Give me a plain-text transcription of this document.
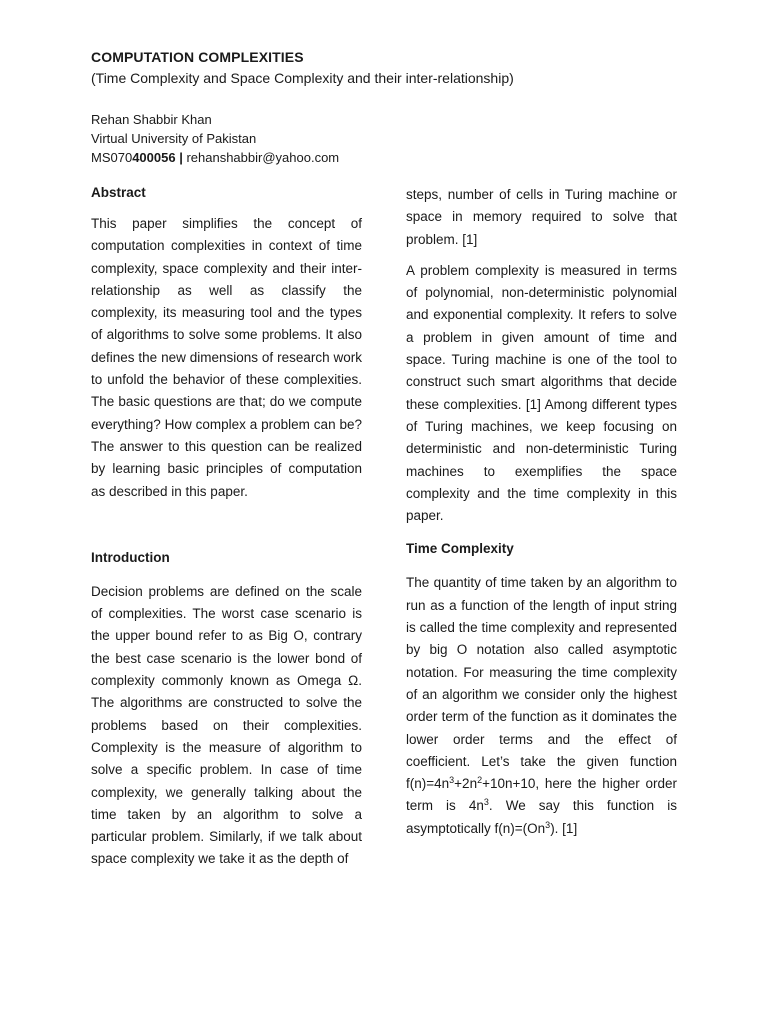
COMPUTATION COMPLEXITIES
(Time Complexity and Space Complexity and their inter-relationship)
Rehan Shabbir Khan
Virtual University of Pakistan
MS070400056 | rehanshabbir@yahoo.com
Abstract

This paper simplifies the concept of computation complexities in context of time complexity, space complexity and their inter-relationship as well as classify the complexity, its measuring tool and the types of algorithms to solve some problems. It also defines the new dimensions of research work to unfold the behavior of these complexities. The basic questions are that; do we compute everything? How complex a problem can be? The answer to this question can be realized by learning basic principles of computation as described in this paper.

Introduction

Decision problems are defined on the scale of complexities. The worst case scenario is the upper bound refer to as Big O, contrary the best case scenario is the lower bond of complexity commonly known as Omega Ω. The algorithms are constructed to solve the problems based on their complexities. Complexity is the measure of algorithm to solve a specific problem. In case of time complexity, we generally talking about the time taken by an algorithm to solve a particular problem. Similarly, if we talk about space complexity we take it as the depth of

steps, number of cells in Turing machine or space in memory required to solve that problem. [1]

A problem complexity is measured in terms of polynomial, non-deterministic polynomial and exponential complexity. It refers to solve a problem in given amount of time and space. Turing machine is one of the tool to construct such smart algorithms that decide these complexities. [1] Among different types of Turing machines, we keep focusing on deterministic and non-deterministic Turing machines to exemplifies the space complexity and the time complexity in this paper.

Time Complexity

The quantity of time taken by an algorithm to run as a function of the length of input string is called the time complexity and represented by big O notation also called asymptotic notation. For measuring the time complexity of an algorithm we consider only the highest order term of the function as it dominates the lower order terms and the effect of coefficient. Let’s take the given function $f(n)=4n^3+2n^2+10n+10$, here the higher order term is $4n^3$. We say this function is asymptotically $f(n)=(On^3)$. [1]
